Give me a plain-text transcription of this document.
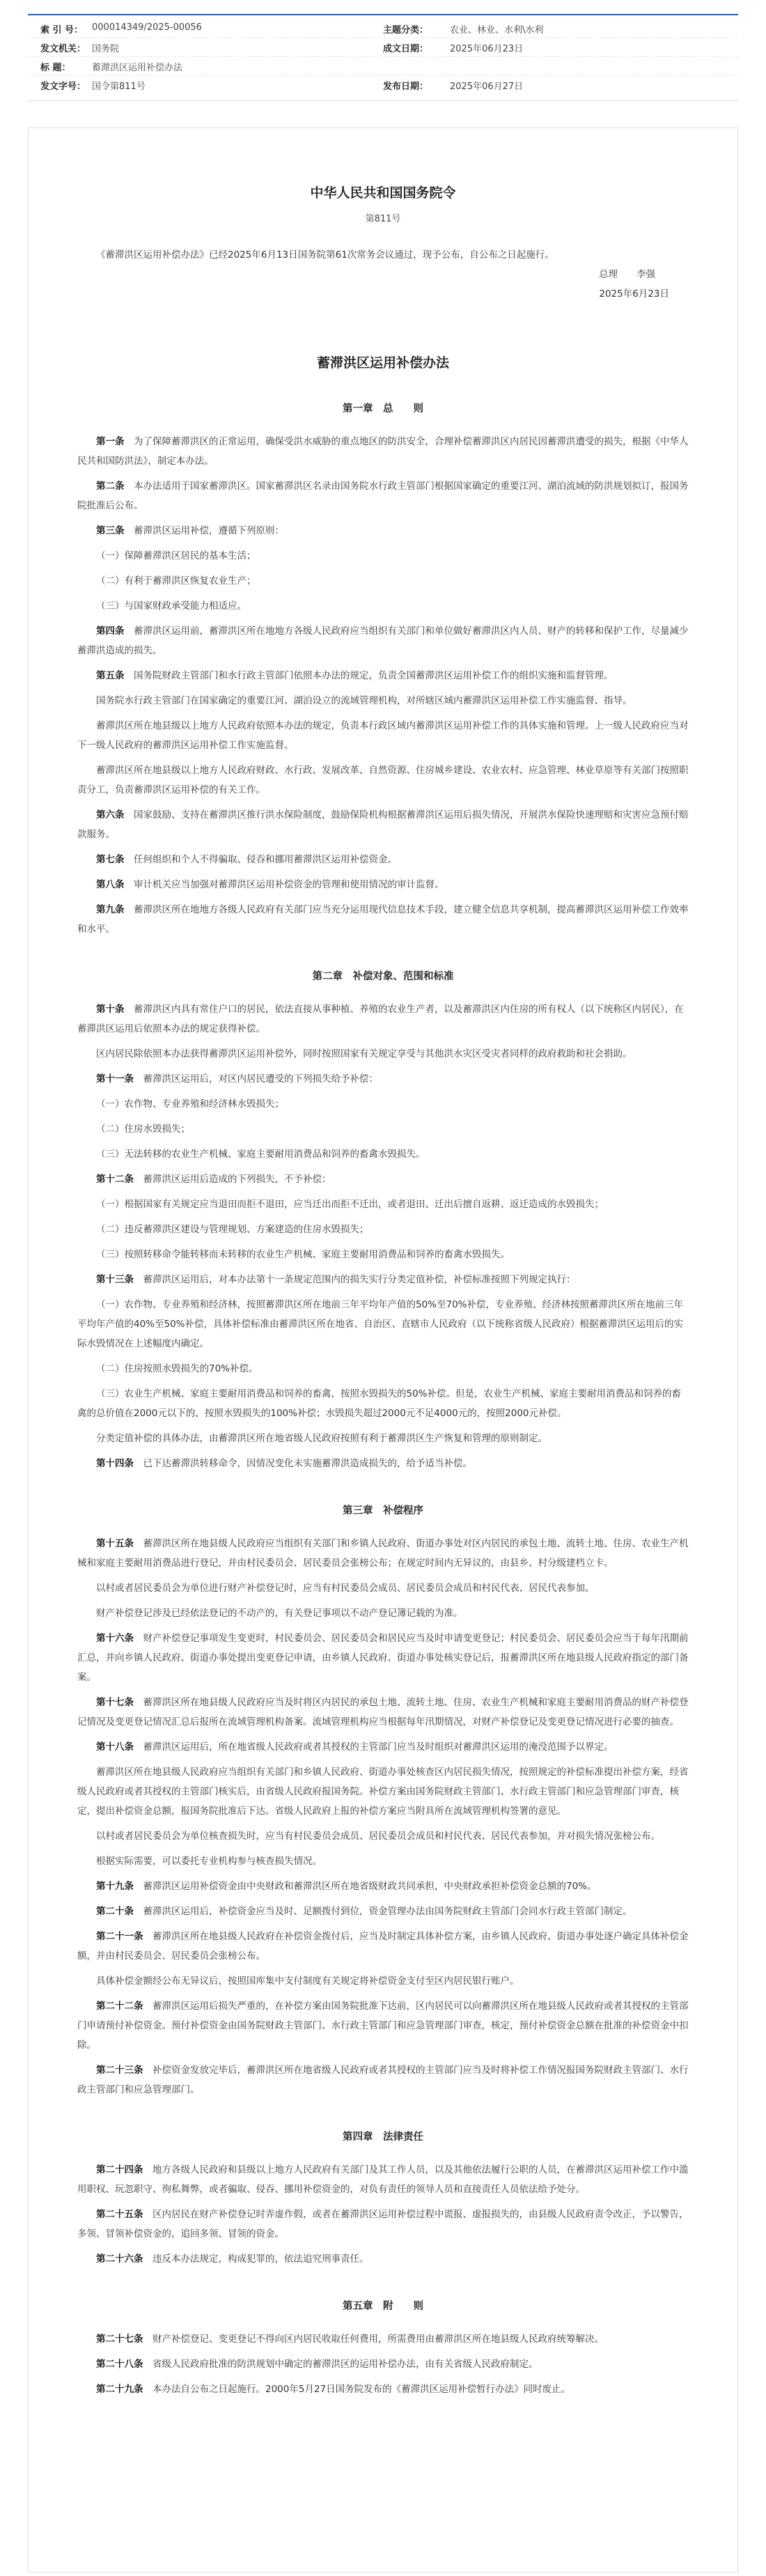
索 引 号： 000014349/2025-00056	主题分类：	农业、林业、水利\水利
发文机关： 国务院	成文日期：	2025年06月23日
标 题：	蓄滞洪区运用补偿办法
发文字号： 国令第811号	发布日期：	2025年06月27日
中华人民共和国国务院令
第811号

《蓄滞洪区运用补偿办法》已经2025年6月13日国务院第61次常务会议通过，现予公布，自公布之日起施行。

总理　　李强

2025年6月23日

蓄滞洪区运用补偿办法
第一章　总　　则

第一条　 为了保障蓄滞洪区的正常运用，确保受洪水威胁的重点地区的防洪安全，合理补偿蓄滞洪区内居民因蓄滞洪遭受的损失，根据《中华人民共和国防洪法》，制定本办法。

第二条　 本办法适用于国家蓄滞洪区。国家蓄滞洪区名录由国务院水行政主管部门根据国家确定的重要江河、湖泊流域的防洪规划拟订，报国务院批准后公布。

第三条　 蓄滞洪区运用补偿，遵循下列原则：

（一）保障蓄滞洪区居民的基本生活；

（二）有利于蓄滞洪区恢复农业生产；

（三）与国家财政承受能力相适应。

第四条　 蓄滞洪区运用前，蓄滞洪区所在地地方各级人民政府应当组织有关部门和单位做好蓄滞洪区内人员、财产的转移和保护工作，尽量减少蓄滞洪造成的损失。

第五条　 国务院财政主管部门和水行政主管部门依照本办法的规定，负责全国蓄滞洪区运用补偿工作的组织实施和监督管理。

国务院水行政主管部门在国家确定的重要江河、湖泊设立的流域管理机构，对所辖区域内蓄滞洪区运用补偿工作实施监督、指导。

蓄滞洪区所在地县级以上地方人民政府依照本办法的规定，负责本行政区域内蓄滞洪区运用补偿工作的具体实施和管理。上一级人民政府应当对下一级人民政府的蓄滞洪区运用补偿工作实施监督。

蓄滞洪区所在地县级以上地方人民政府财政、水行政、发展改革、自然资源、住房城乡建设、农业农村、应急管理、林业草原等有关部门按照职责分工，负责蓄滞洪区运用补偿的有关工作。

第六条　 国家鼓励、支持在蓄滞洪区推行洪水保险制度，鼓励保险机构根据蓄滞洪区运用后损失情况，开展洪水保险快速理赔和灾害应急预付赔款服务。

第七条　 任何组织和个人不得骗取、侵吞和挪用蓄滞洪区运用补偿资金。

第八条　 审计机关应当加强对蓄滞洪区运用补偿资金的管理和使用情况的审计监督。

第九条　 蓄滞洪区所在地地方各级人民政府有关部门应当充分运用现代信息技术手段，建立健全信息共享机制，提高蓄滞洪区运用补偿工作效率和水平。

第二章　补偿对象、范围和标准

第十条　 蓄滞洪区内具有常住户口的居民，依法直接从事种植、养殖的农业生产者，以及蓄滞洪区内住房的所有权人（以下统称区内居民），在蓄滞洪区运用后依照本办法的规定获得补偿。

区内居民除依照本办法获得蓄滞洪区运用补偿外，同时按照国家有关规定享受与其他洪水灾区受灾者同样的政府救助和社会捐助。

第十一条　 蓄滞洪区运用后，对区内居民遭受的下列损失给予补偿：

（一）农作物、专业养殖和经济林水毁损失；

（二）住房水毁损失；

（三）无法转移的农业生产机械、家庭主要耐用消费品和饲养的畜禽水毁损失。

第十二条　 蓄滞洪区运用后造成的下列损失，不予补偿：

（一）根据国家有关规定应当退田而拒不退田，应当迁出而拒不迁出，或者退田、迁出后擅自返耕、返迁造成的水毁损失；

（二）违反蓄滞洪区建设与管理规划、方案建造的住房水毁损失；

（三）按照转移命令能转移而未转移的农业生产机械、家庭主要耐用消费品和饲养的畜禽水毁损失。

第十三条　 蓄滞洪区运用后，对本办法第十一条规定范围内的损失实行分类定值补偿，补偿标准按照下列规定执行：

（一）农作物、专业养殖和经济林，按照蓄滞洪区所在地前三年平均年产值的50%至70%补偿，专业养殖、经济林按照蓄滞洪区所在地前三年平均年产值的40%至50%补偿，具体补偿标准由蓄滞洪区所在地省、自治区、直辖市人民政府（以下统称省级人民政府）根据蓄滞洪区运用后的实际水毁情况在上述幅度内确定。

（二）住房按照水毁损失的70%补偿。

（三）农业生产机械、家庭主要耐用消费品和饲养的畜禽，按照水毁损失的50%补偿。但是，农业生产机械、家庭主要耐用消费品和饲养的畜禽的总价值在2000元以下的，按照水毁损失的100%补偿；水毁损失超过2000元不足4000元的，按照2000元补偿。

分类定值补偿的具体办法，由蓄滞洪区所在地省级人民政府按照有利于蓄滞洪区生产恢复和管理的原则制定。

第十四条　 已下达蓄滞洪转移命令，因情况变化未实施蓄滞洪造成损失的，给予适当补偿。

第三章　补偿程序

第十五条　 蓄滞洪区所在地县级人民政府应当组织有关部门和乡镇人民政府、街道办事处对区内居民的承包土地、流转土地、住房、农业生产机械和家庭主要耐用消费品进行登记，并由村民委员会、居民委员会张榜公布；在规定时间内无异议的，由县乡、村分级建档立卡。

以村或者居民委员会为单位进行财产补偿登记时，应当有村民委员会成员、居民委员会成员和村民代表、居民代表参加。

财产补偿登记涉及已经依法登记的不动产的，有关登记事项以不动产登记簿记载的为准。

第十六条　 财产补偿登记事项发生变更时，村民委员会、居民委员会和居民应当及时申请变更登记；村民委员会、居民委员会应当于每年汛期前汇总，并向乡镇人民政府、街道办事处提出变更登记申请，由乡镇人民政府、街道办事处核实登记后，报蓄滞洪区所在地县级人民政府指定的部门备案。

第十七条　 蓄滞洪区所在地县级人民政府应当及时将区内居民的承包土地、流转土地、住房、农业生产机械和家庭主要耐用消费品的财产补偿登记情况及变更登记情况汇总后报所在流域管理机构备案。流域管理机构应当根据每年汛期情况，对财产补偿登记及变更登记情况进行必要的抽查。

第十八条　 蓄滞洪区运用后，所在地省级人民政府或者其授权的主管部门应当及时组织对蓄滞洪区运用的淹没范围予以界定。

蓄滞洪区所在地县级人民政府应当组织有关部门和乡镇人民政府、街道办事处核查区内居民损失情况，按照规定的补偿标准提出补偿方案，经省级人民政府或者其授权的主管部门核实后，由省级人民政府报国务院。补偿方案由国务院财政主管部门、水行政主管部门和应急管理部门审查，核定，提出补偿资金总额，报国务院批准后下达。省级人民政府上报的补偿方案应当附具所在流域管理机构签署的意见。

以村或者居民委员会为单位核查损失时，应当有村民委员会成员、居民委员会成员和村民代表、居民代表参加，并对损失情况张榜公布。

根据实际需要，可以委托专业机构参与核查损失情况。

第十九条　 蓄滞洪区运用补偿资金由中央财政和蓄滞洪区所在地省级财政共同承担，中央财政承担补偿资金总额的70%。

第二十条　 蓄滞洪区运用后，补偿资金应当及时、足额拨付到位，资金管理办法由国务院财政主管部门会同水行政主管部门制定。

第二十一条　 蓄滞洪区所在地县级人民政府在补偿资金拨付后，应当及时制定具体补偿方案，由乡镇人民政府、街道办事处逐户确定具体补偿金额，并由村民委员会、居民委员会张榜公布。

具体补偿金额经公布无异议后，按照国库集中支付制度有关规定将补偿资金支付至区内居民银行账户。

第二十二条　 蓄滞洪区运用后损失严重的，在补偿方案由国务院批准下达前，区内居民可以向蓄滞洪区所在地县级人民政府或者其授权的主管部门申请预付补偿资金。预付补偿资金由国务院财政主管部门、水行政主管部门和应急管理部门审查，核定，预付补偿资金总额在批准的补偿资金中扣除。

第二十三条　 补偿资金发放完毕后，蓄滞洪区所在地省级人民政府或者其授权的主管部门应当及时将补偿工作情况报国务院财政主管部门、水行政主管部门和应急管理部门。

第四章　法律责任

第二十四条　 地方各级人民政府和县级以上地方人民政府有关部门及其工作人员，以及其他依法履行公职的人员，在蓄滞洪区运用补偿工作中滥用职权、玩忽职守、徇私舞弊，或者骗取、侵吞、挪用补偿资金的，对负有责任的领导人员和直接责任人员依法给予处分。

第二十五条　 区内居民在财产补偿登记时弄虚作假，或者在蓄滞洪区运用补偿过程中谎报、虚报损失的，由县级人民政府责令改正，予以警告，多领、冒领补偿资金的，追回多领、冒领的资金。

第二十六条　 违反本办法规定，构成犯罪的，依法追究刑事责任。

第五章　附　　则

第二十七条　 财产补偿登记、变更登记不得向区内居民收取任何费用，所需费用由蓄滞洪区所在地县级人民政府统筹解决。

第二十八条　 省级人民政府批准的防洪规划中确定的蓄滞洪区的运用补偿办法，由有关省级人民政府制定。

第二十九条　 本办法自公布之日起施行。2000年5月27日国务院发布的《蓄滞洪区运用补偿暂行办法》同时废止。
